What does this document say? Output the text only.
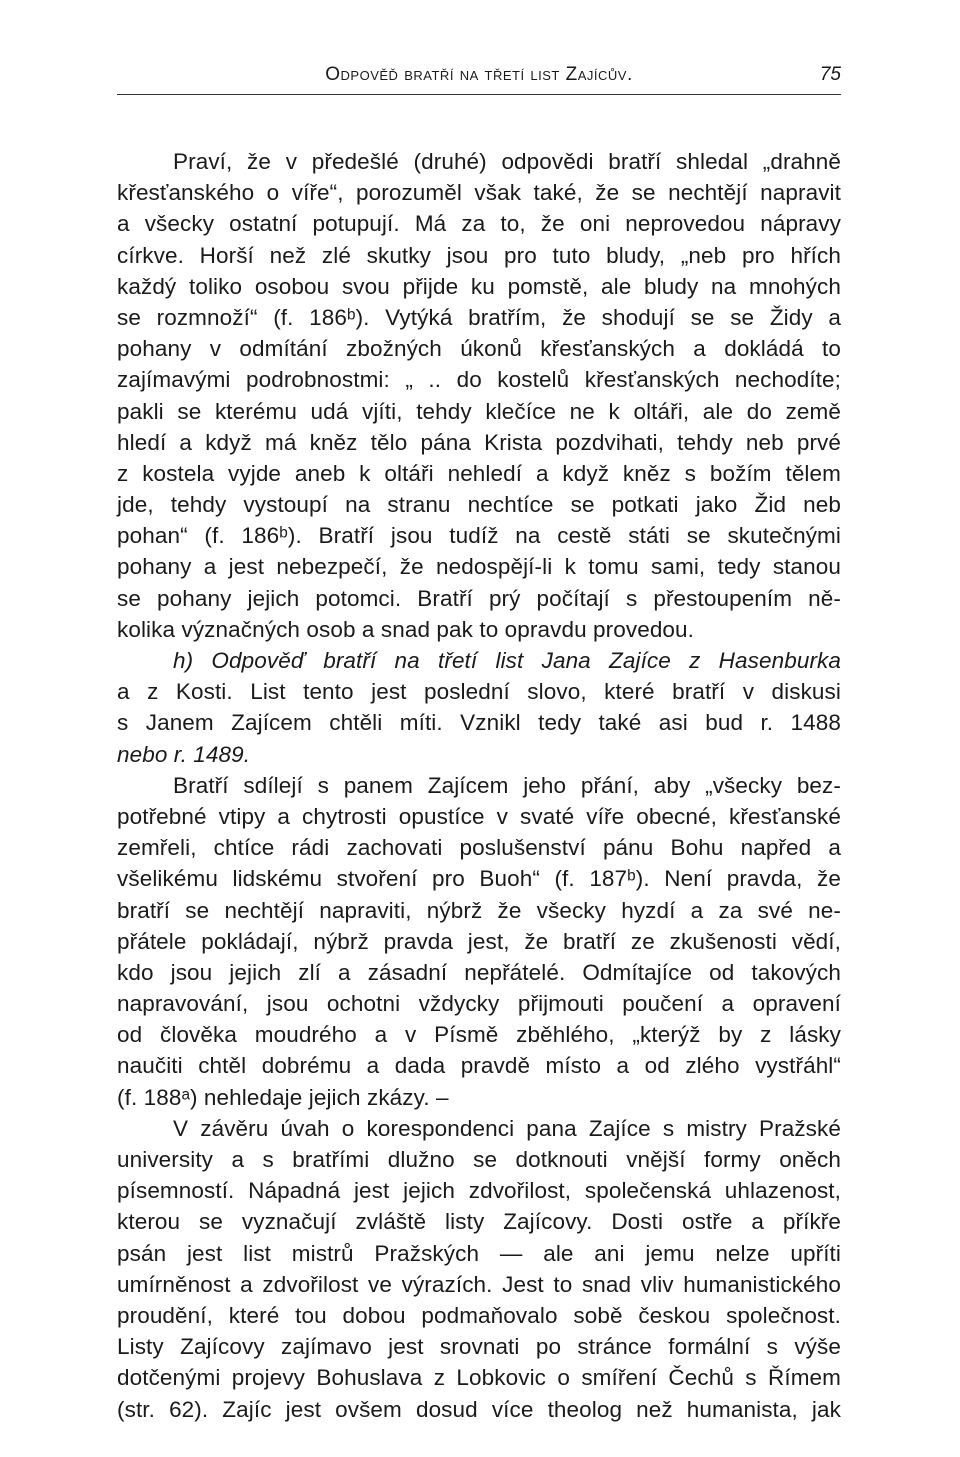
Odpověď bratří na třetí list Zajícův.	75
Praví, že v předešlé (druhé) odpovědi bratří shledal „drahně
křesťanského o víře“, porozuměl však také, že se nechtějí napravit
a všecky ostatní potupují. Má za to, že oni neprovedou nápravy
církve. Horší než zlé skutky jsou pro tuto bludy, „neb pro hřích
každý toliko osobou svou přijde ku pomstě, ale bludy na mnohých
se rozmnoží“ (f. 186ᵇ). Vytýká bratřím, že shodují se se Židy a
pohany v odmítání zbožných úkonů křesťanských a dokládá to
zajímavými podrobnostmi: „ .. do kostelů křesťanských nechodíte;
pakli se kterému udá vjíti, tehdy klečíce ne k oltáři, ale do země
hledí a když má kněz tělo pána Krista pozdvihati, tehdy neb prvé
z kostela vyjde aneb k oltáři nehledí a když kněz s božím tělem
jde, tehdy vystoupí na stranu nechtíce se potkati jako Žid neb
pohan“ (f. 186ᵇ). Bratří jsou tudíž na cestě státi se skutečnými
pohany a jest nebezpečí, že nedospějí-li k tomu sami, tedy stanou
se pohany jejich potomci. Bratří prý počítají s přestoupením ně-
kolika význačných osob a snad pak to opravdu provedou.
h) Odpověď bratří na třetí list Jana Zajíce z Hasenburka
a z Kosti. List tento jest poslední slovo, které bratří v diskusi
s Janem Zajícem chtěli míti. Vznikl tedy také asi bud r. 1488
nebo r. 1489.
Bratří sdílejí s panem Zajícem jeho přání, aby „všecky bez-
potřebné vtipy a chytrosti opustíce v svaté víře obecné, křesťanské
zemřeli, chtíce rádi zachovati poslušenství pánu Bohu napřed a
všelikému lidskému stvoření pro Buoh“ (f. 187ᵇ). Není pravda, že
bratří se nechtějí napraviti, nýbrž že všecky hyzdí a za své ne-
přátele pokládají, nýbrž pravda jest, že bratří ze zkušenosti vědí,
kdo jsou jejich zlí a zásadní nepřátelé. Odmítajíce od takových
napravování, jsou ochotni vždycky přijmouti poučení a opravení
od člověka moudrého a v Písmě zběhlého, „kterýž by z lásky
naučiti chtěl dobrému a dada pravdě místo a od zlého vystřáhl“
(f. 188ᵃ) nehledaje jejich zkázy. –
V závěru úvah o korespondenci pana Zajíce s mistry Pražské
university a s bratřími dlužno se dotknouti vnější formy oněch
písemností. Nápadná jest jejich zdvořilost, společenská uhlazenost,
kterou se vyznačují zvláště listy Zajícovy. Dosti ostře a příkře
psán jest list mistrů Pražských — ale ani jemu nelze upříti
umírněnost a zdvořilost ve výrazích. Jest to snad vliv humanistického
proudění, které tou dobou podmaňovalo sobě českou společnost.
Listy Zajícovy zajímavo jest srovnati po stránce formální s výše
dotčenými projevy Bohuslava z Lobkovic o smíření Čechů s Římem
(str. 62). Zajíc jest ovšem dosud více theolog než humanista, jak
